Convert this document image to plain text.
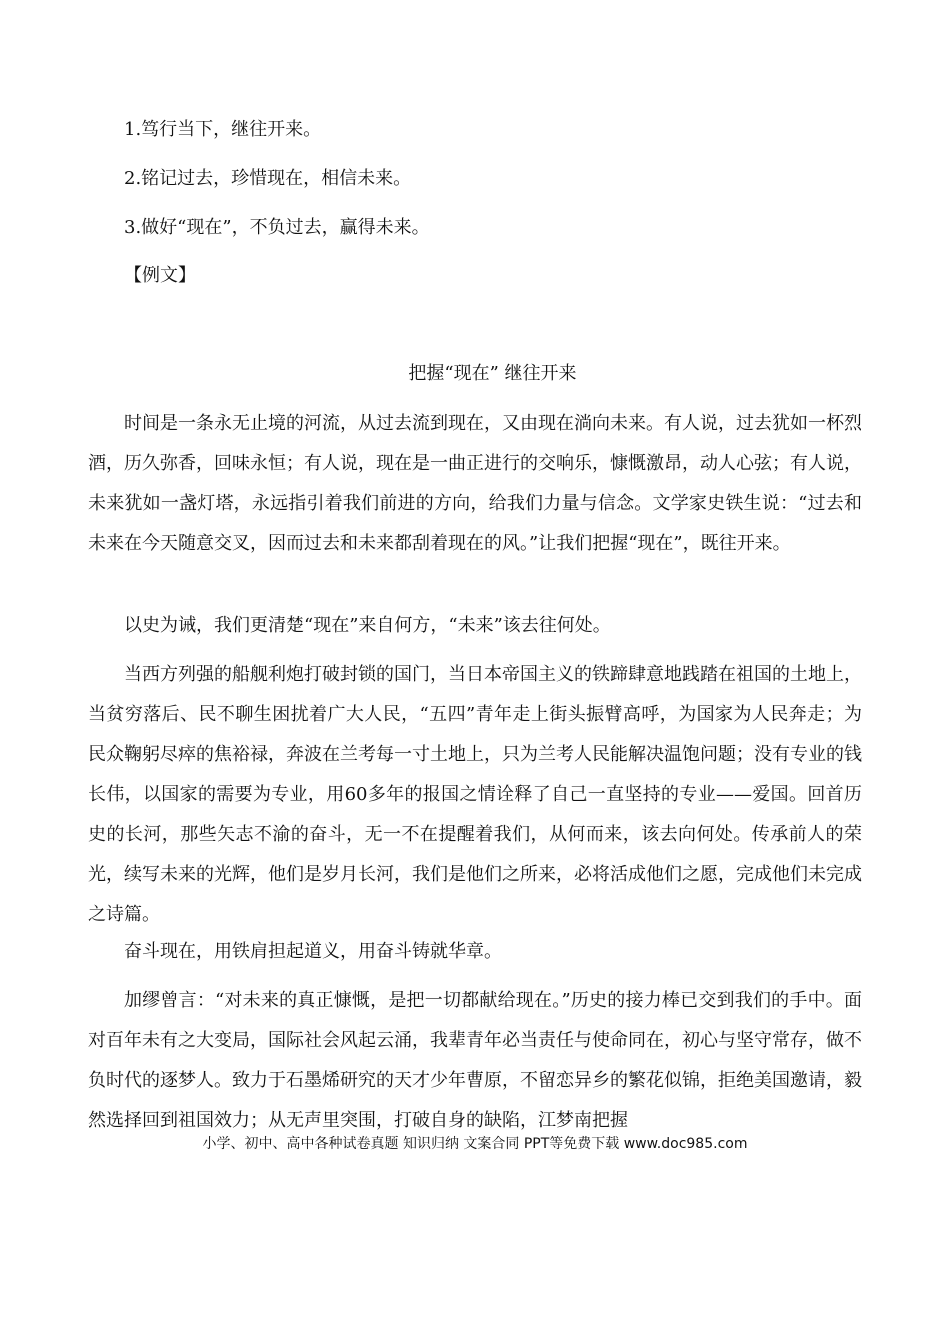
1.笃行当下，继往开来。
2.铭记过去，珍惜现在，相信未来。
3.做好“现在”，不负过去，赢得未来。
【例文】
把握“现在” 继往开来

时间是一条永无止境的河流，从过去流到现在，又由现在淌向未来。有人说，过去犹如一杯烈酒，历久弥香，回味永恒；有人说，现在是一曲正进行的交响乐，慷慨激昂，动人心弦；有人说，未来犹如一盏灯塔，永远指引着我们前进的方向，给我们力量与信念。文学家史铁生说：“过去和未来在今天随意交叉，因而过去和未来都刮着现在的风。”让我们把握“现在”，既往开来。

以史为诫，我们更清楚“现在”来自何方，“未来”该去往何处。

当西方列强的船舰利炮打破封锁的国门，当日本帝国主义的铁蹄肆意地践踏在祖国的土地上，当贫穷落后、民不聊生困扰着广大人民，“五四”青年走上街头振臂高呼，为国家为人民奔走；为民众鞠躬尽瘁的焦裕禄，奔波在兰考每一寸土地上，只为兰考人民能解决温饱问题；没有专业的钱长伟，以国家的需要为专业，用60多年的报国之情诠释了自己一直坚持的专业——爱国。回首历史的长河，那些矢志不渝的奋斗，无一不在提醒着我们，从何而来，该去向何处。传承前人的荣光，续写未来的光辉，他们是岁月长河，我们是他们之所来，必将活成他们之愿，完成他们未完成之诗篇。

奋斗现在，用铁肩担起道义，用奋斗铸就华章。

加缪曾言：“对未来的真正慷慨，是把一切都献给现在。”历史的接力棒已交到我们的手中。面对百年未有之大变局，国际社会风起云涌，我辈青年必当责任与使命同在，初心与坚守常存，做不负时代的逐梦人。致力于石墨烯研究的天才少年曹原，不留恋异乡的繁花似锦，拒绝美国邀请，毅然选择回到祖国效力；从无声里突围，打破自身的缺陷，江梦南把握

小学、初中、高中各种试卷真题 知识归纳 文案合同 PPT等免费下载 www.doc985.com
